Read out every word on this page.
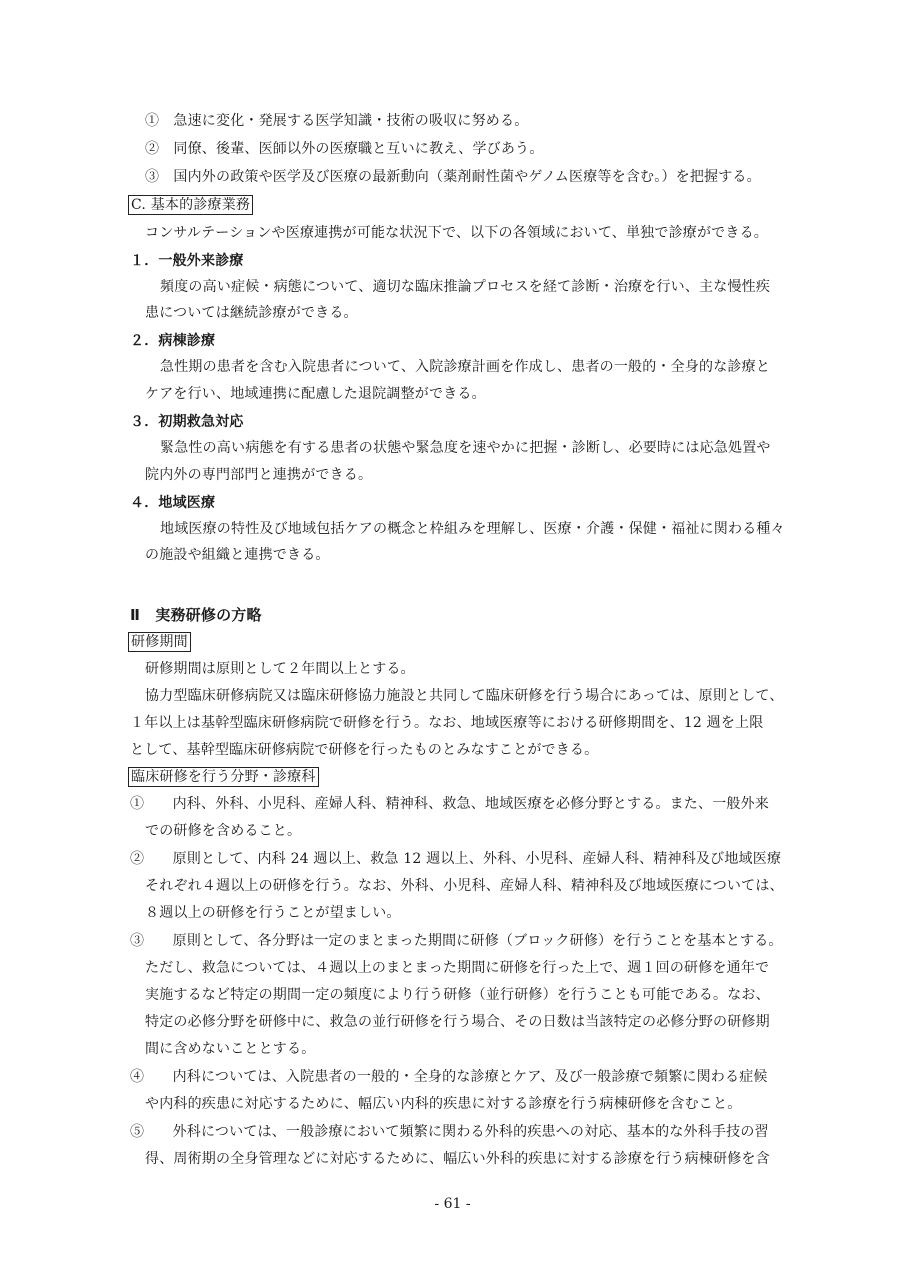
①　急速に変化・発展する医学知識・技術の吸収に努める。
②　同僚、後輩、医師以外の医療職と互いに教え、学びあう。
③　国内外の政策や医学及び医療の最新動向（薬剤耐性菌やゲノム医療等を含む。）を把握する。
C. 基本的診療業務
コンサルテーションや医療連携が可能な状況下で、以下の各領域において、単独で診療ができる。
１．一般外来診療
頻度の高い症候・病態について、適切な臨床推論プロセスを経て診断・治療を行い、主な慢性疾
患については継続診療ができる。
２．病棟診療
急性期の患者を含む入院患者について、入院診療計画を作成し、患者の一般的・全身的な診療と
ケアを行い、地域連携に配慮した退院調整ができる。
３．初期救急対応
緊急性の高い病態を有する患者の状態や緊急度を速やかに把握・診断し、必要時には応急処置や
院内外の専門部門と連携ができる。
４．地域医療
地域医療の特性及び地域包括ケアの概念と枠組みを理解し、医療・介護・保健・福祉に関わる種々
の施設や組織と連携できる。
Ⅱ　実務研修の方略
研修期間
研修期間は原則として２年間以上とする。
協力型臨床研修病院又は臨床研修協力施設と共同して臨床研修を行う場合にあっては、原則として、
１年以上は基幹型臨床研修病院で研修を行う。なお、地域医療等における研修期間を、12 週を上限
として、基幹型臨床研修病院で研修を行ったものとみなすことができる。
臨床研修を行う分野・診療科
①　　内科、外科、小児科、産婦人科、精神科、救急、地域医療を必修分野とする。また、一般外来
での研修を含めること。
②　　原則として、内科 24 週以上、救急 12 週以上、外科、小児科、産婦人科、精神科及び地域医療
それぞれ４週以上の研修を行う。なお、外科、小児科、産婦人科、精神科及び地域医療については、
８週以上の研修を行うことが望ましい。
③　　原則として、各分野は一定のまとまった期間に研修（ブロック研修）を行うことを基本とする。
ただし、救急については、４週以上のまとまった期間に研修を行った上で、週１回の研修を通年で
実施するなど特定の期間一定の頻度により行う研修（並行研修）を行うことも可能である。なお、
特定の必修分野を研修中に、救急の並行研修を行う場合、その日数は当該特定の必修分野の研修期
間に含めないこととする。
④　　内科については、入院患者の一般的・全身的な診療とケア、及び一般診療で頻繁に関わる症候
や内科的疾患に対応するために、幅広い内科的疾患に対する診療を行う病棟研修を含むこと。
⑤　　外科については、一般診療において頻繁に関わる外科的疾患への対応、基本的な外科手技の習
得、周術期の全身管理などに対応するために、幅広い外科的疾患に対する診療を行う病棟研修を含
- 61 -
